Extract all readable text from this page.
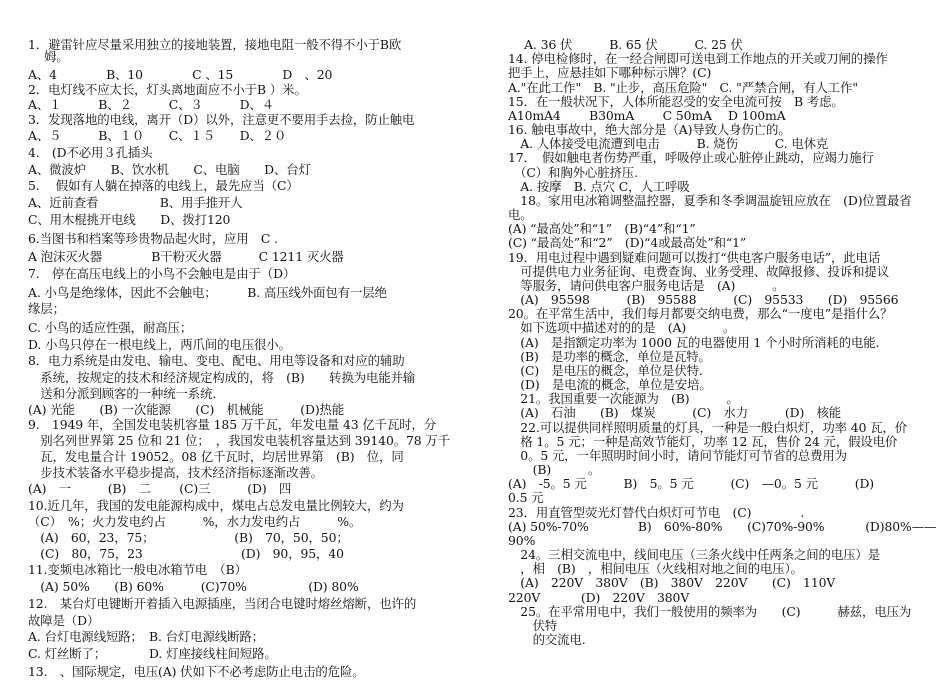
1．避雷针应尽量采用独立的接地装置，接地电阻一般不得不小于B欧
　 姆。
A、4　　　　B、10　　　　C 、15　　　　D　、20
2．电灯线不应太长，灯头离地面应不小于B ）米。
A、１　　　B、２　　　C、３　　　D、４
3．发现落地的电线，离开（D）以外，注意更不要用手去捡，防止触电
A、５　　　B、１０　　C、１５　　D、２０
4.　(D不必用３孔插头
A、微波炉　　B、饮水机　　C、电脑　　D、台灯
5.　 假如有人躺在掉落的电线上，最先应当（C）
A、近前查看　　　　　B、用手推开人
C、用木棍挑开电线　　D、拨打120
6.当图书和档案等珍贵物品起火时，应用　C .
A 泡沫灭火器　　　　B干粉灭火器　　　C 1211 灭火器
7.　停在高压电线上的小鸟不会触电是由于（D）
A. 小鸟是绝缘体，因此不会触电；　　　B. 高压线外面包有一层绝
缘层；
C. 小鸟的适应性强，耐高压；
D. 小鸟只停在一根电线上，两爪间的电压很小。
8．电力系统是由发电、输电、变电、配电、用电等设备和对应的辅助
　系统，按规定的技术和经济规定构成的，将　(B)　　转换为电能并输
　送和分派到顾客的一种统一系统.
(A) 光能　　(B) 一次能源　　(C)　机械能　　　(D)热能
9.　1949 年，全国发电装机容量 185 万千瓦，年发电量 43 亿千瓦时，分
　别名列世界第 25 位和 21 位；　，我国发电装机容量达到 39140。78 万千
　瓦，发电量合计 19052。08 亿千瓦时，均居世界第　(B)　位，同
　步技术装备水平稳步提高，技术经济指标逐渐改善。
(A)　一　　　(B)　二　　 (C)三　　　(D)　四
10.近几年，我国的发电能源构成中，煤电占总发电量比例较大，约为
（C）　%；火力发电约占　　　%，水力发电约占　　　%。
　(A)　60，23，75；　　　　　　　(B)　70，50，50；
　(C)　80，75，23　　　　　　　　(D)　90，95，40
11.变频电冰箱比一般电冰箱节电　（B）
　(A) 50%　　(B) 60%　　　(C)70%　　　　　(D) 80%
12.　某台灯电键断开着插入电源插座，当闭合电键时熔丝熔断，也许的
故障是（D）
A. 台灯电源线短路；　B. 台灯电源线断路；
C. 灯丝断了；　　　　D. 灯座接线柱间短路。
13.　、国际规定，电压(A) 伏如下不必考虑防止电击的危险。
　 A. 36 伏　　　B. 65 伏　　　C. 25 伏
14. 停电检修时，在一经合闸即可送电到工作地点的开关或刀闸的操作
把手上，应悬挂如下哪种标示牌？(C)
A."在此工作"　B. "止步，高压危险"　C. "严禁合闸，有人工作"
15．在一般状况下，人体所能忍受的安全电流可按　B 考虑。
A10mA4　　 B30mA　　 C 50mA　 D 100mA
16. 触电事故中，绝大部分是（A)导致人身伤亡的。
　A. 人体接受电流遭到电击　　　B. 烧伤　　　C. 电休克
17．　假如触电者伤势严重，呼吸停止或心脏停止跳动，应竭力施行
　（C）和胸外心脏挤压.
　A. 按摩　B. 点穴 C，人工呼吸
　18。家用电冰箱调整温控器，夏季和冬季调温旋钮应放在　(D)位置最省
电。
(A) “最高处”和“1”　(B)“4”和“1”
(C) “最高处”和“2”　(D)“4或最高处”和“1”
19．用电过程中遇到疑难问题可以拨打“供电客户服务电话”，此电话
　可提供电力业务征询、电费查询、业务受理、故障报修、投诉和提议
　等服务，请问供电客户服务电话是　(A)　　　。
　(A)　95598　　　(B)　95588　　　(C)　95533　　(D)　95566
20。在平常生活中，我们每月都要交纳电费，那么“一度电”是指什么？
　如下选项中描述对的的是　(A)　　　。
　(A)　是指额定功率为 1000 瓦的电器使用 1 个小时所消耗的电能.
　(B)　是功率的概念，单位是瓦特。
　(C)　是电压的概念，单位是伏特.
　(D)　是电流的概念，单位是安培。
　21。我国重要一次能源为　(B)　　　。
　(A)　石油　　(B)　煤炭　　　(C)　水力　　　(D)　核能
　22.可以提供同样照明质量的灯具，一种是一般白炽灯，功率 40 瓦，价
　格 1。5 元；一种是高效节能灯，功率 12 瓦，售价 24 元，假设电价
　0。5 元，一年照明时间小时，请问节能灯可节省的总费用为
　　(B)　　　。
(A)　-5。5 元　　　B)　5。5 元　　　(C)　—0。5 元　　　(D)
0.5 元
23．用直管型荧光灯替代白炽灯可节电　(C)　　　　.
(A) 50%-70%　　　　B)　60%-80%　　(C)70%-90%　　　 (D)80%——
90%
　24。三相交流电中，线间电压（三条火线中任两条之间的电压）是
　，相　(B)　，相间电压（火线相对地之间的电压）。
　(A)　220V　380V　(B)　380V　220V　　(C)　110V
220V　　　 (D)　220V　380V
　25。在平常用电中，我们一般使用的频率为　　(C)　　　赫兹，电压为
　　伏特
　　的交流电.
